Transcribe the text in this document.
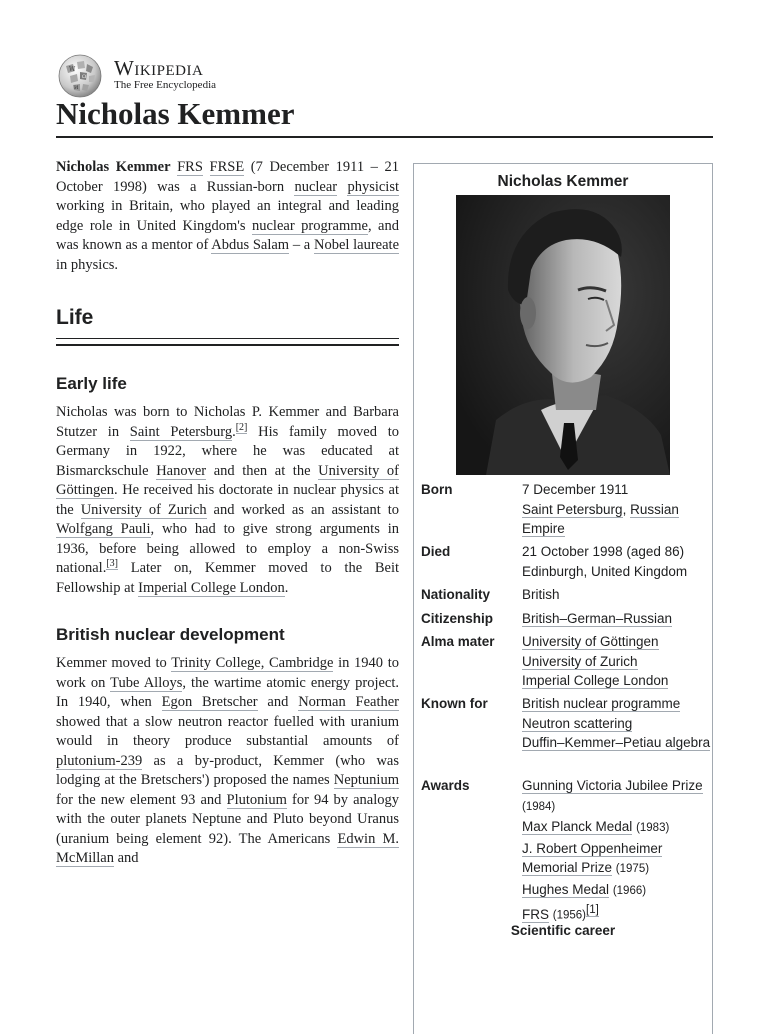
W
Ω
И
Wikipedia
The Free Encyclopedia
Nicholas Kemmer

Nicholas Kemmer FRS FRSE (7 December 1911 – 21 October 1998) was a Russian-born nuclear physicist working in Britain, who played an integral and leading edge role in United Kingdom's nuclear programme, and was known as a mentor of Abdus Salam – a Nobel laureate in physics.

Life
Early life

Nicholas was born to Nicholas P. Kemmer and Barbara Stutzer in Saint Petersburg.[2] His family moved to Germany in 1922, where he was educated at Bismarckschule Hanover and then at the University of Göttingen. He received his doctorate in nuclear physics at the University of Zurich and worked as an assistant to Wolfgang Pauli, who had to give strong arguments in 1936, before being allowed to employ a non-Swiss national.[3] Later on, Kemmer moved to the Beit Fellowship at Imperial College London.

British nuclear development

Kemmer moved to Trinity College, Cambridge in 1940 to work on Tube Alloys, the wartime atomic energy project. In 1940, when Egon Bretscher and Norman Feather showed that a slow neutron reactor fuelled with uranium would in theory produce substantial amounts of plutonium-239 as a by-product, Kemmer (who was lodging at the Bretschers') proposed the names Neptunium for the new element 93 and Plutonium for 94 by analogy with the outer planets Neptune and Pluto beyond Uranus (uranium being element 92). The Americans Edwin M. McMillan and

Nicholas Kemmer
Born	7 December 1911
Saint Petersburg, Russian Empire
Died	21 October 1998 (aged 86)
Edinburgh, United Kingdom
Nationality	British
Citizenship	British–German–Russian
Alma mater	University of Göttingen
University of Zurich
Imperial College London
Known for	British nuclear programme
Neutron scattering
Duffin–Kemmer–Petiau algebra
Awards	Gunning Victoria Jubilee Prize (1984)
Max Planck Medal (1983)
J. Robert Oppenheimer Memorial Prize (1975)
Hughes Medal (1966)
FRS (1956)[1]
Scientific career
